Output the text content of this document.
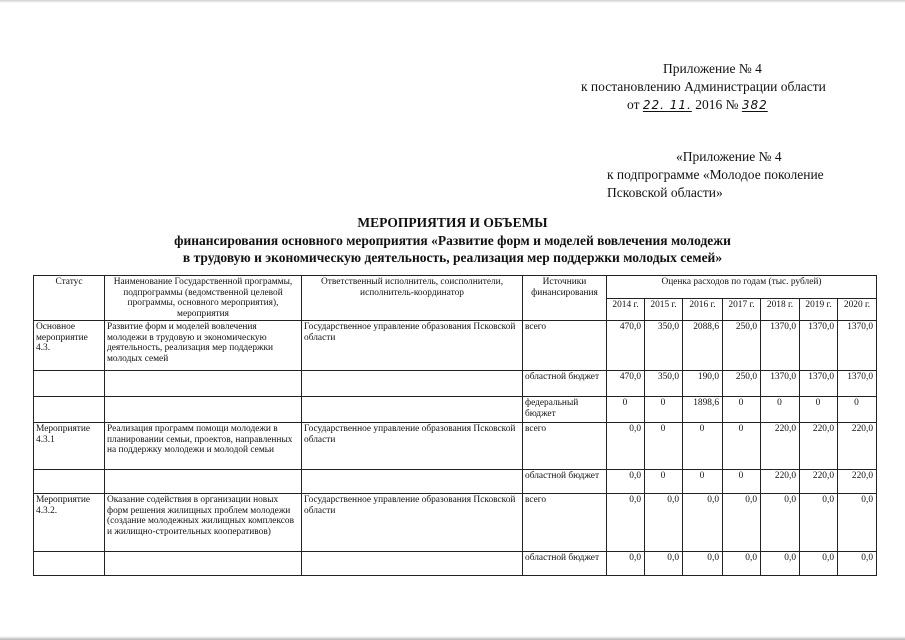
Приложение № 4
к постановлению Администрации области
от 22. 11. 2016 № 382
«Приложение № 4
к подпрограмме «Молодое поколение
Псковской области»
МЕРОПРИЯТИЯ И ОБЪЕМЫ
финансирования основного мероприятия «Развитие форм и моделей вовлечения молодежи
в трудовую и экономическую деятельность, реализация мер поддержки молодых семей»
Статус	Наименование Государственной программы, подпрограммы (ведомственной целевой программы, основного мероприятия), мероприятия	Ответственный исполнитель, соисполнители, исполнитель-координатор	Источники финансирования	Оценка расходов по годам (тыс. рублей)						
				2014 г.	2015 г.	2016 г.	2017 г.	2018 г.	2019 г.	2020 г.
Основное мероприятие 4.3.	Развитие форм и моделей вовлечения молодежи в трудовую и экономическую деятельность, реализация мер поддержки молодых семей	Государственное управление образования Псковской области	всего	470,0	350,0	2088,6	250,0	1370,0	1370,0	1370,0
			областной бюджет	470,0	350,0	190,0	250,0	1370,0	1370,0	1370,0
			федеральный бюджет	0	0	1898,6	0	0	0	0
Мероприятие 4.3.1	Реализация программ помощи молодежи в планировании семьи, проектов, направленных на поддержку молодежи и молодой семьи	Государственное управление образования Псковской области	всего	0,0	0	0	0	220,0	220,0	220,0
			областной бюджет	0,0	0	0	0	220,0	220,0	220,0
Мероприятие 4.3.2.	Оказание содействия в организации новых форм решения жилищных проблем молодежи (создание молодежных жилищных комплексов и жилищно-строительных кооперативов)	Государственное управление образования Псковской области	всего	0,0	0,0	0,0	0,0	0,0	0,0	0,0
			областной бюджет	0,0	0,0	0,0	0,0	0,0	0,0	0,0
